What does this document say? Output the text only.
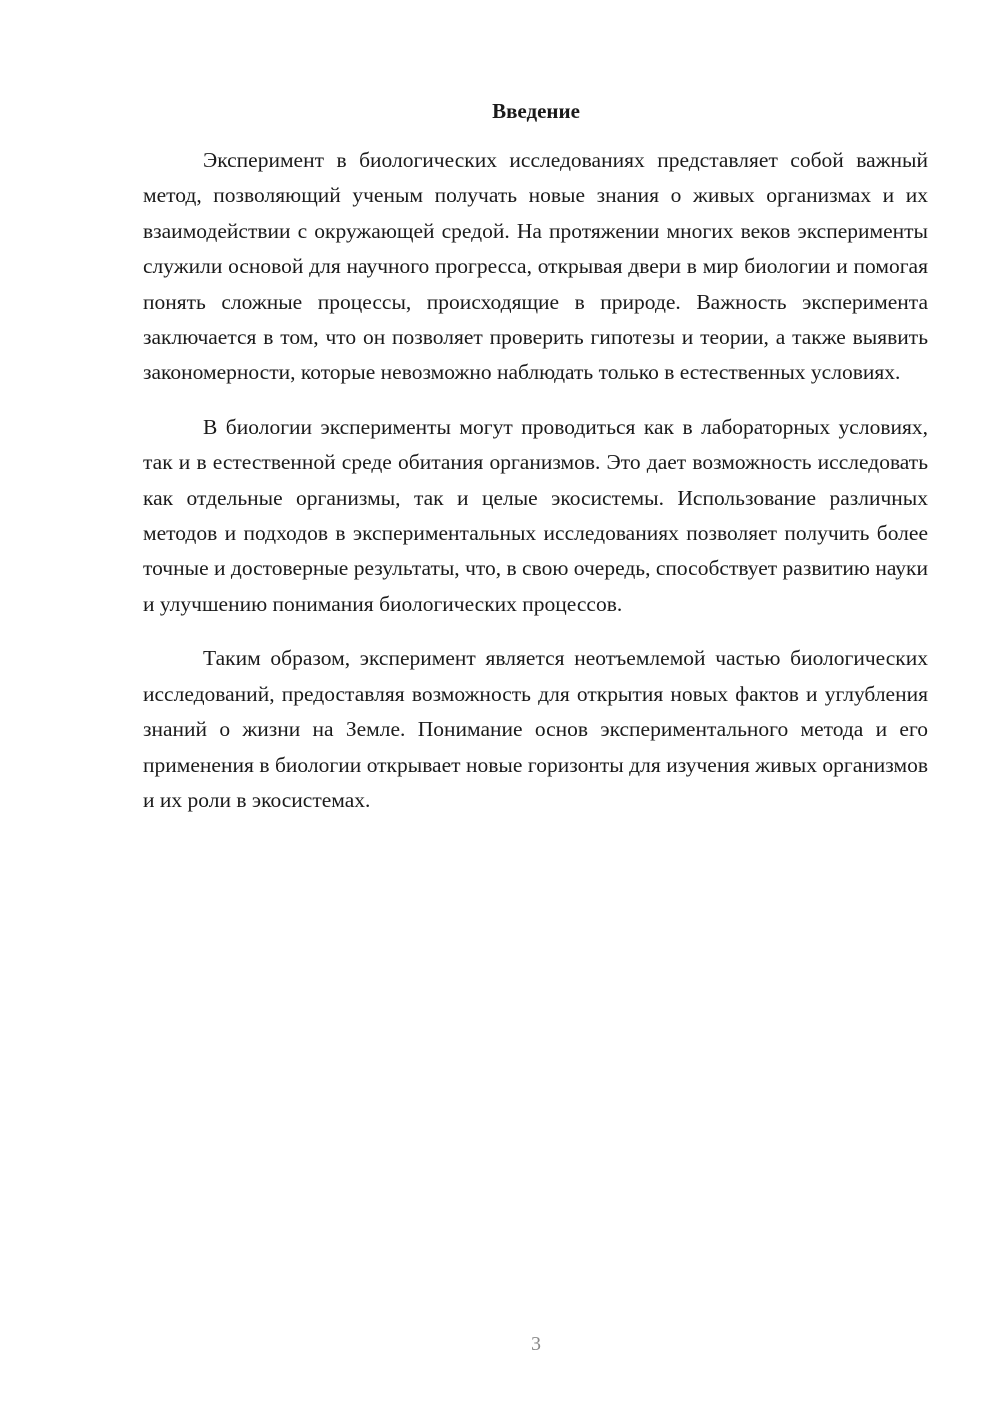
Введение

Эксперимент в биологических исследованиях представляет собой важный метод, позволяющий ученым получать новые знания о живых организмах и их взаимодействии с окружающей средой. На протяжении многих веков эксперименты служили основой для научного прогресса, открывая двери в мир биологии и помогая понять сложные процессы, происходящие в природе. Важность эксперимента заключается в том, что он позволяет проверить гипотезы и теории, а также выявить закономерности, которые невозможно наблюдать только в естественных условиях.

В биологии эксперименты могут проводиться как в лабораторных условиях, так и в естественной среде обитания организмов. Это дает возможность исследовать как отдельные организмы, так и целые экосистемы. Использование различных методов и подходов в экспериментальных исследованиях позволяет получить более точные и достоверные результаты, что, в свою очередь, способствует развитию науки и улучшению понимания биологических процессов.

Таким образом, эксперимент является неотъемлемой частью биологических исследований, предоставляя возможность для открытия новых фактов и углубления знаний о жизни на Земле. Понимание основ экспериментального метода и его применения в биологии открывает новые горизонты для изучения живых организмов и их роли в экосистемах.

3
